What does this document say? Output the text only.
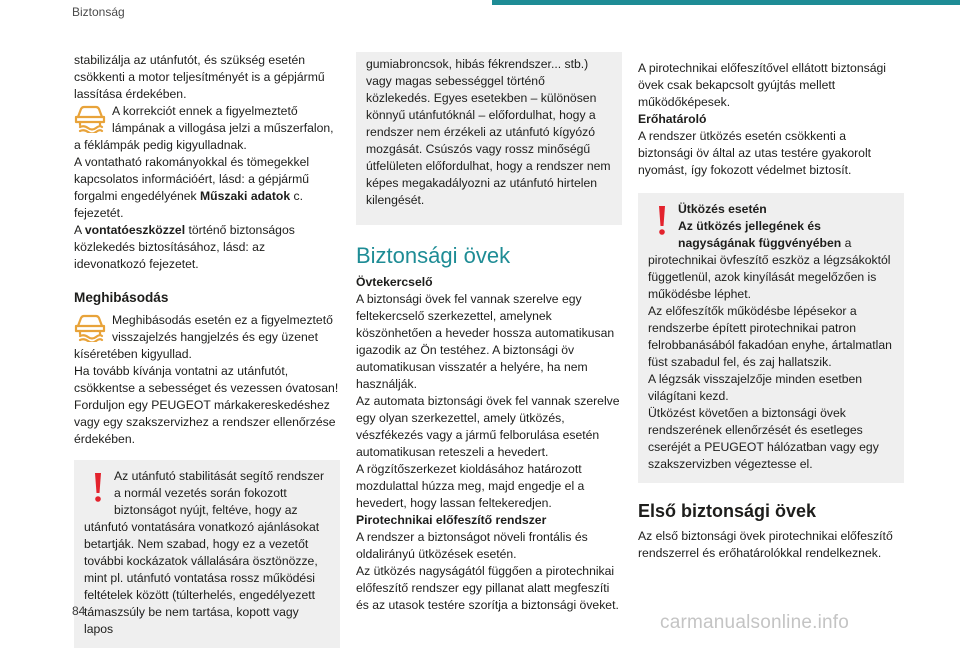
Biztonság

stabilizálja az utánfutót, és szükség esetén csökkenti a motor teljesítményét is a gépjármű lassítása érdekében.

A korrekciót ennek a figyelmeztető lámpának a villogása jelzi a műszerfalon, a féklámpák pedig kigyulladnak.

A vontatható rakományokkal és tömegekkel kapcsolatos információért, lásd: a gépjármű forgalmi engedélyének Műszaki adatok c. fejezetét.

A vontatóeszközzel történő biztonságos közlekedés biztosításához, lásd: az idevonatkozó fejezetet.

Meghibásodás

Meghibásodás esetén ez a figyelmeztető visszajelzés hangjelzés és egy üzenet kíséretében kigyullad.

Ha tovább kívánja vontatni az utánfutót, csökkentse a sebességet és vezessen óvatosan! Forduljon egy PEUGEOT márkakereskedéshez vagy egy szakszervizhez a rendszer ellenőrzése érdekében.

Az utánfutó stabilitását segítő rendszer a normál vezetés során fokozott biztonságot nyújt, feltéve, hogy az utánfutó vontatására vonatkozó ajánlásokat betartják. Nem szabad, hogy ez a vezetőt további kockázatok vállalására ösztönözze, mint pl. utánfutó vontatása rossz működési feltételek között (túlterhelés, engedélyezett támaszsúly be nem tartása, kopott vagy lapos

gumiabroncsok, hibás fékrendszer... stb.) vagy magas sebességgel történő közlekedés. Egyes esetekben – különösen könnyű utánfutóknál – előfordulhat, hogy a rendszer nem érzékeli az utánfutó kígyózó mozgását. Csúszós vagy rossz minőségű útfelületen előfordulhat, hogy a rendszer nem képes megakadályozni az utánfutó hirtelen kilengését.

Biztonsági övek

Övtekercselő

A biztonsági övek fel vannak szerelve egy feltekercselő szerkezettel, amelynek köszönhetően a heveder hossza automatikusan igazodik az Ön testéhez. A biztonsági öv automatikusan visszatér a helyére, ha nem használják.

Az automata biztonsági övek fel vannak szerelve egy olyan szerkezettel, amely ütközés, vészfékezés vagy a jármű felborulása esetén automatikusan reteszeli a hevedert.

A rögzítőszerkezet kioldásához határozott mozdulattal húzza meg, majd engedje el a hevedert, hogy lassan feltekeredjen.

Pirotechnikai előfeszítő rendszer

A rendszer a biztonságot növeli frontális és oldalirányú ütközések esetén.

Az ütközés nagyságától függően a pirotechnikai előfeszítő rendszer egy pillanat alatt megfeszíti és az utasok testére szorítja a biztonsági öveket.

A pirotechnikai előfeszítővel ellátott biztonsági övek csak bekapcsolt gyújtás mellett működőképesek.

Erőhatároló

A rendszer ütközés esetén csökkenti a biztonsági öv által az utas testére gyakorolt nyomást, így fokozott védelmet biztosít.

Ütközés esetén

Az ütközés jellegének és nagyságának függvényében a pirotechnikai övfeszítő eszköz a légzsákoktól függetlenül, azok kinyílását megelőzően is működésbe léphet.

Az előfeszítők működésbe lépésekor a rendszerbe épített pirotechnikai patron felrobbanásából fakadóan enyhe, ártalmatlan füst szabadul fel, és zaj hallatszik.

A légzsák visszajelzője minden esetben világítani kezd.

Ütközést követően a biztonsági övek rendszerének ellenőrzését és esetleges cseréjét a PEUGEOT hálózatban vagy egy szakszervizben végeztesse el.

Első biztonsági övek

Az első biztonsági övek pirotechnikai előfeszítő rendszerrel és erőhatárolókkal rendelkeznek.

84
carmanualsonline.info
